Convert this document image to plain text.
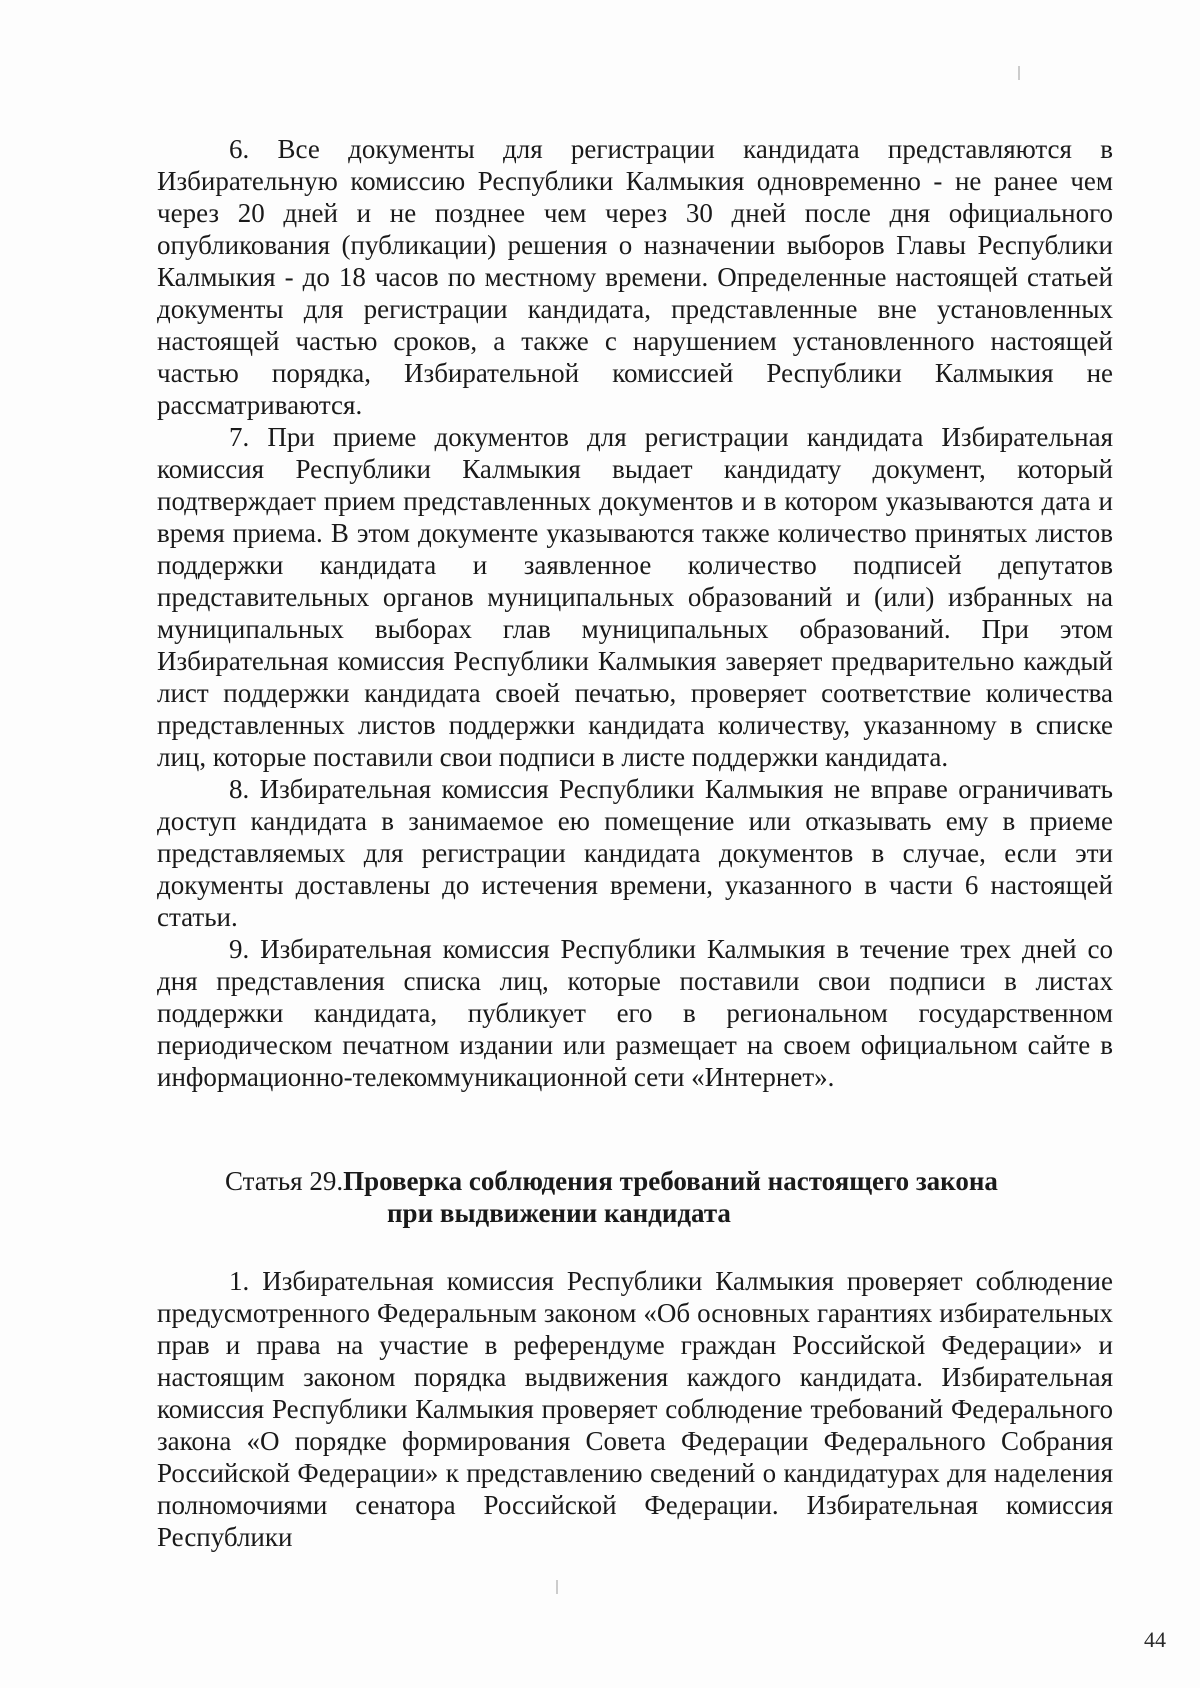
6. Все документы для регистрации кандидата представляются в Избирательную комиссию Республики Калмыкия одновременно - не ранее чем через 20 дней и не позднее чем через 30 дней после дня официального опубликования (публикации) решения о назначении выборов Главы Республики Калмыкия - до 18 часов по местному времени. Определенные настоящей статьей документы для регистрации кандидата, представленные вне установленных настоящей частью сроков, а также с нарушением установленного настоящей частью порядка, Избирательной комиссией Республики Калмыкия не рассматриваются.

7. При приеме документов для регистрации кандидата Избирательная комиссия Республики Калмыкия выдает кандидату документ, который подтверждает прием представленных документов и в котором указываются дата и время приема. В этом документе указываются также количество принятых листов поддержки кандидата и заявленное количество подписей депутатов представительных органов муниципальных образований и (или) избранных на муниципальных выборах глав муниципальных образований. При этом Избирательная комиссия Республики Калмыкия заверяет предварительно каждый лист поддержки кандидата своей печатью, проверяет соответствие количества представленных листов поддержки кандидата количеству, указанному в списке лиц, которые поставили свои подписи в листе поддержки кандидата.

8. Избирательная комиссия Республики Калмыкия не вправе ограничивать доступ кандидата в занимаемое ею помещение или отказывать ему в приеме представляемых для регистрации кандидата документов в случае, если эти документы доставлены до истечения времени, указанного в части 6 настоящей статьи.

9. Избирательная комиссия Республики Калмыкия в течение трех дней со дня представления списка лиц, которые поставили свои подписи в листах поддержки кандидата, публикует его в региональном государственном периодическом печатном издании или размещает на своем официальном сайте в информационно-телекоммуникационной сети «Интернет».

Статья 29. Проверка соблюдения требований настоящего закона
при выдвижении кандидата

1. Избирательная комиссия Республики Калмыкия проверяет соблюдение предусмотренного Федеральным законом «Об основных гарантиях избирательных прав и права на участие в референдуме граждан Российской Федерации» и настоящим законом порядка выдвижения каждого кандидата. Избирательная комиссия Республики Калмыкия проверяет соблюдение требований Федерального закона «О порядке формирования Совета Федерации Федерального Собрания Российской Федерации» к представлению сведений о кандидатурах для наделения полномочиями сенатора Российской Федерации. Избирательная комиссия Республики

44
